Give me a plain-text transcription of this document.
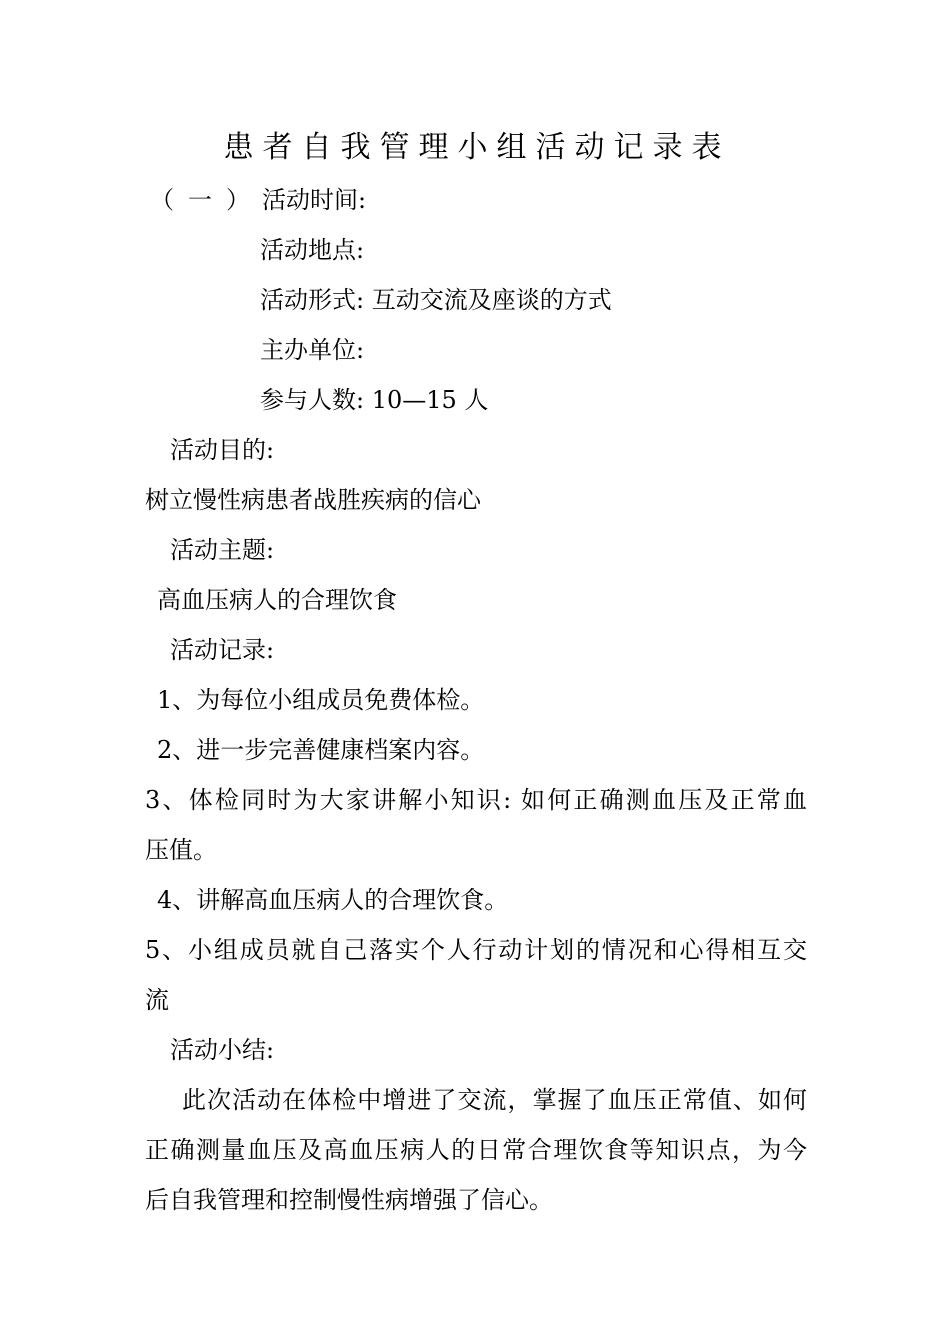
患者自我管理小组活动记录表
（一）
活动时间:
活动地点:
活动形式: 互动交流及座谈的方式
主办单位:
参与人数: 10—15 人
活动目的:
树立慢性病患者战胜疾病的信心
活动主题:
高血压病人的合理饮食
活动记录:
1、为每位小组成员免费体检。
2、进一步完善健康档案内容。
3、体检同时为大家讲解小知识: 如何正确测血压及正常血
压值。
4、讲解高血压病人的合理饮食。
5、小组成员就自己落实个人行动计划的情况和心得相互交
流
活动小结:
此次活动在体检中增进了交流，掌握了血压正常值、如何
正确测量血压及高血压病人的日常合理饮食等知识点，为今
后自我管理和控制慢性病增强了信心。
